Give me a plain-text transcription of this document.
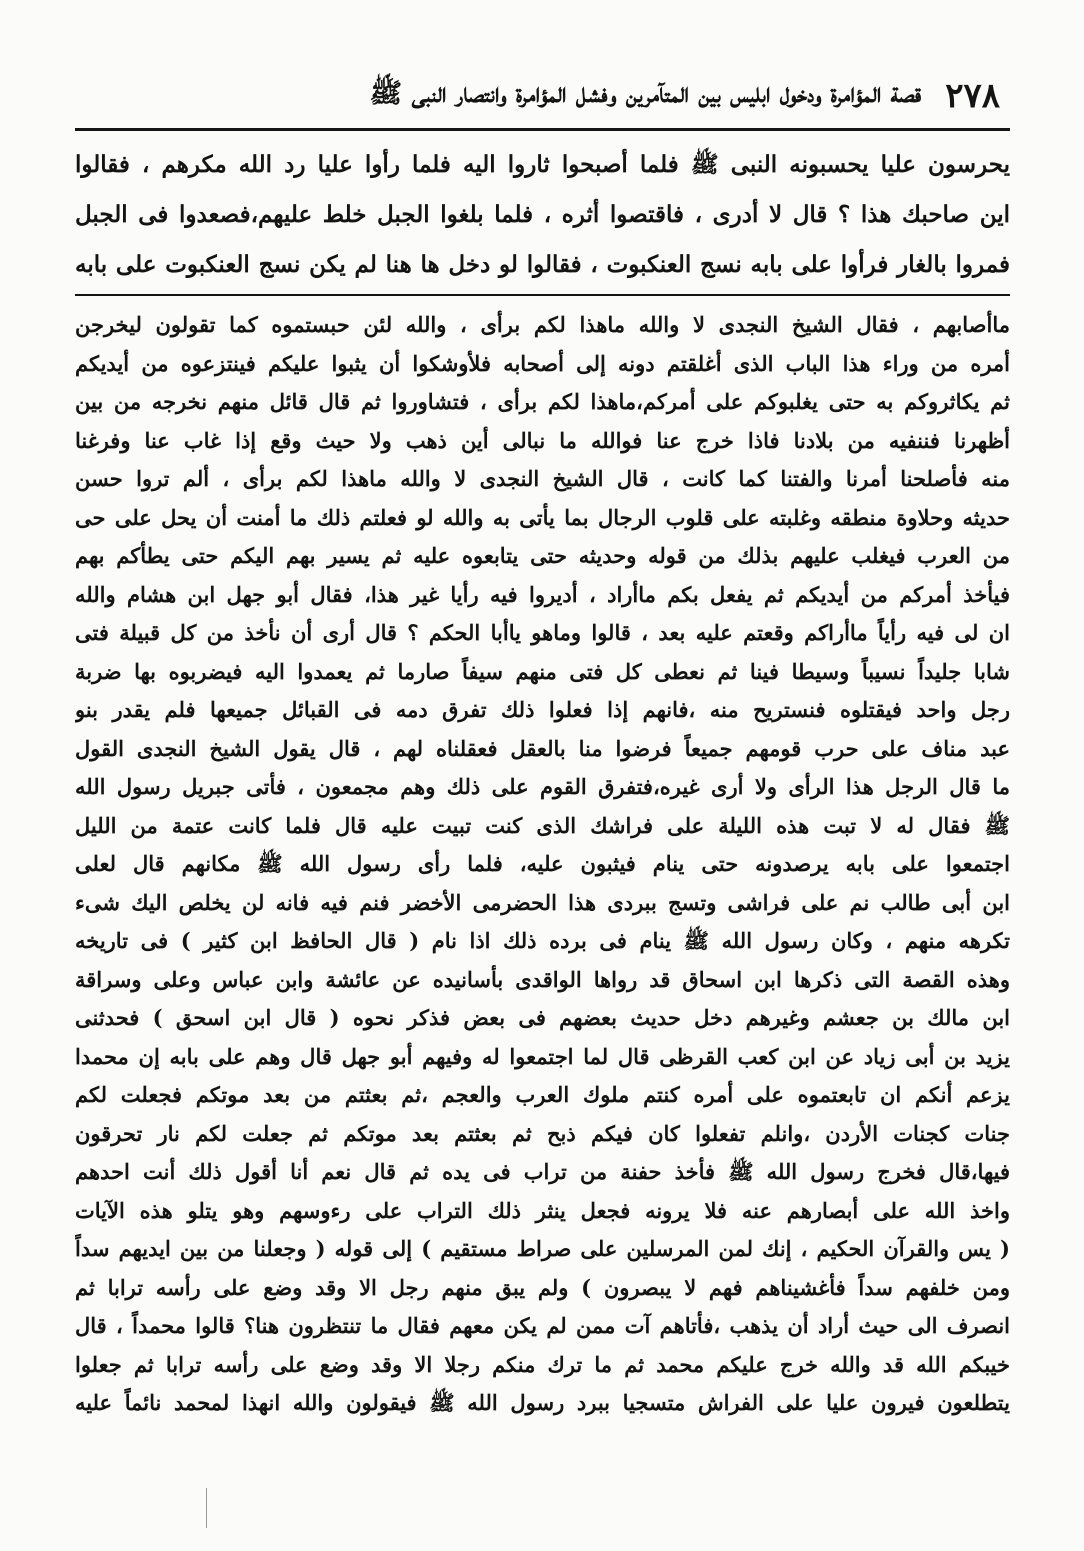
٢٧٨
قصة المؤامرة ودخول ابليس بين المتآمرين وفشل المؤامرة وانتصار النبى ﷺ
يحرسون عليا يحسبونه النبى ﷺ فلما أصبحوا ثاروا اليه فلما رأوا عليا رد الله مكرهم ، فقالوا
اين صاحبك هذا ؟ قال لا أدرى ، فاقتصوا أثره ، فلما بلغوا الجبل خلط عليهم،فصعدوا فى الجبل
فمروا بالغار فرأوا على بابه نسج العنكبوت ، فقالوا لو دخل ها هنا لم يكن نسج العنكبوت على بابه
ماأصابهم ، فقال الشيخ النجدى لا والله ماهذا لكم برأى ، والله لئن حبستموه كما تقولون ليخرجن
أمره من وراء هذا الباب الذى أغلقتم دونه إلى أصحابه فلأوشكوا أن يثبوا عليكم فينتزعوه من أيديكم
ثم يكاثروكم به حتى يغلبوكم على أمركم،ماهذا لكم برأى ، فتشاوروا ثم قال قائل منهم نخرجه من بين
أظهرنا فننفيه من بلادنا فاذا خرج عنا فوالله ما نبالى أين ذهب ولا حيث وقع إذا غاب عنا وفرغنا
منه فأصلحنا أمرنا والفتنا كما كانت ، قال الشيخ النجدى لا والله ماهذا لكم برأى ، ألم تروا حسن
حديثه وحلاوة منطقه وغلبته على قلوب الرجال بما يأتى به والله لو فعلتم ذلك ما أمنت أن يحل على حى
من العرب فيغلب عليهم بذلك من قوله وحديثه حتى يتابعوه عليه ثم يسير بهم اليكم حتى يطأكم بهم
فيأخذ أمركم من أيديكم ثم يفعل بكم ماأراد ، أديروا فيه رأيا غير هذا، فقال أبو جهل ابن هشام والله
ان لى فيه رأياً ماأراكم وقعتم عليه بعد ، قالوا وماهو ياأبا الحكم ؟ قال أرى أن نأخذ من كل قبيلة فتى
شابا جليداً نسيباً وسيطا فينا ثم نعطى كل فتى منهم سيفاً صارما ثم يعمدوا اليه فيضربوه بها ضربة
رجل واحد فيقتلوه فنستريح منه ،فانهم إذا فعلوا ذلك تفرق دمه فى القبائل جميعها فلم يقدر بنو
عبد مناف على حرب قومهم جميعاً فرضوا منا بالعقل فعقلناه لهم ، قال يقول الشيخ النجدى القول
ما قال الرجل هذا الرأى ولا أرى غيره،فتفرق القوم على ذلك وهم مجمعون ، فأتى جبريل رسول الله
ﷺ فقال له لا تبت هذه الليلة على فراشك الذى كنت تبيت عليه قال فلما كانت عتمة من الليل
اجتمعوا على بابه يرصدونه حتى ينام فيثبون عليه، فلما رأى رسول الله ﷺ مكانهم قال لعلى
ابن أبى طالب نم على فراشى وتسج ببردى هذا الحضرمى الأخضر فنم فيه فانه لن يخلص اليك شىء
تكرهه منهم ، وكان رسول الله ﷺ ينام فى برده ذلك اذا نام ( قال الحافظ ابن كثير ) فى تاريخه
وهذه القصة التى ذكرها ابن اسحاق قد رواها الواقدى بأسانيده عن عائشة وابن عباس وعلى وسراقة
ابن مالك بن جعشم وغيرهم دخل حديث بعضهم فى بعض فذكر نحوه ( قال ابن اسحق ) فحدثنى
يزيد بن أبى زياد عن ابن كعب القرظى قال لما اجتمعوا له وفيهم أبو جهل قال وهم على بابه إن محمدا
يزعم أنكم ان تابعتموه على أمره كنتم ملوك العرب والعجم ،ثم بعثتم من بعد موتكم فجعلت لكم
جنات كجنات الأردن ،وانلم تفعلوا كان فيكم ذبح ثم بعثتم بعد موتكم ثم جعلت لكم نار تحرقون
فيها،قال فخرج رسول الله ﷺ فأخذ حفنة من تراب فى يده ثم قال نعم أنا أقول ذلك أنت احدهم
واخذ الله على أبصارهم عنه فلا يرونه فجعل ينثر ذلك التراب على رءوسهم وهو يتلو هذه الآيات
( يس والقرآن الحكيم ، إنك لمن المرسلين على صراط مستقيم ) إلى قوله ( وجعلنا من بين ايديهم سداً
ومن خلفهم سداً فأغشيناهم فهم لا يبصرون ) ولم يبق منهم رجل الا وقد وضع على رأسه ترابا ثم
انصرف الى حيث أراد أن يذهب ،فأتاهم آت ممن لم يكن معهم فقال ما تنتظرون هنا؟ قالوا محمداً ، قال
خيبكم الله قد والله خرج عليكم محمد ثم ما ترك منكم رجلا الا وقد وضع على رأسه ترابا ثم جعلوا
يتطلعون فيرون عليا على الفراش متسجيا ببرد رسول الله ﷺ فيقولون والله انهذا لمحمد نائماً عليه
